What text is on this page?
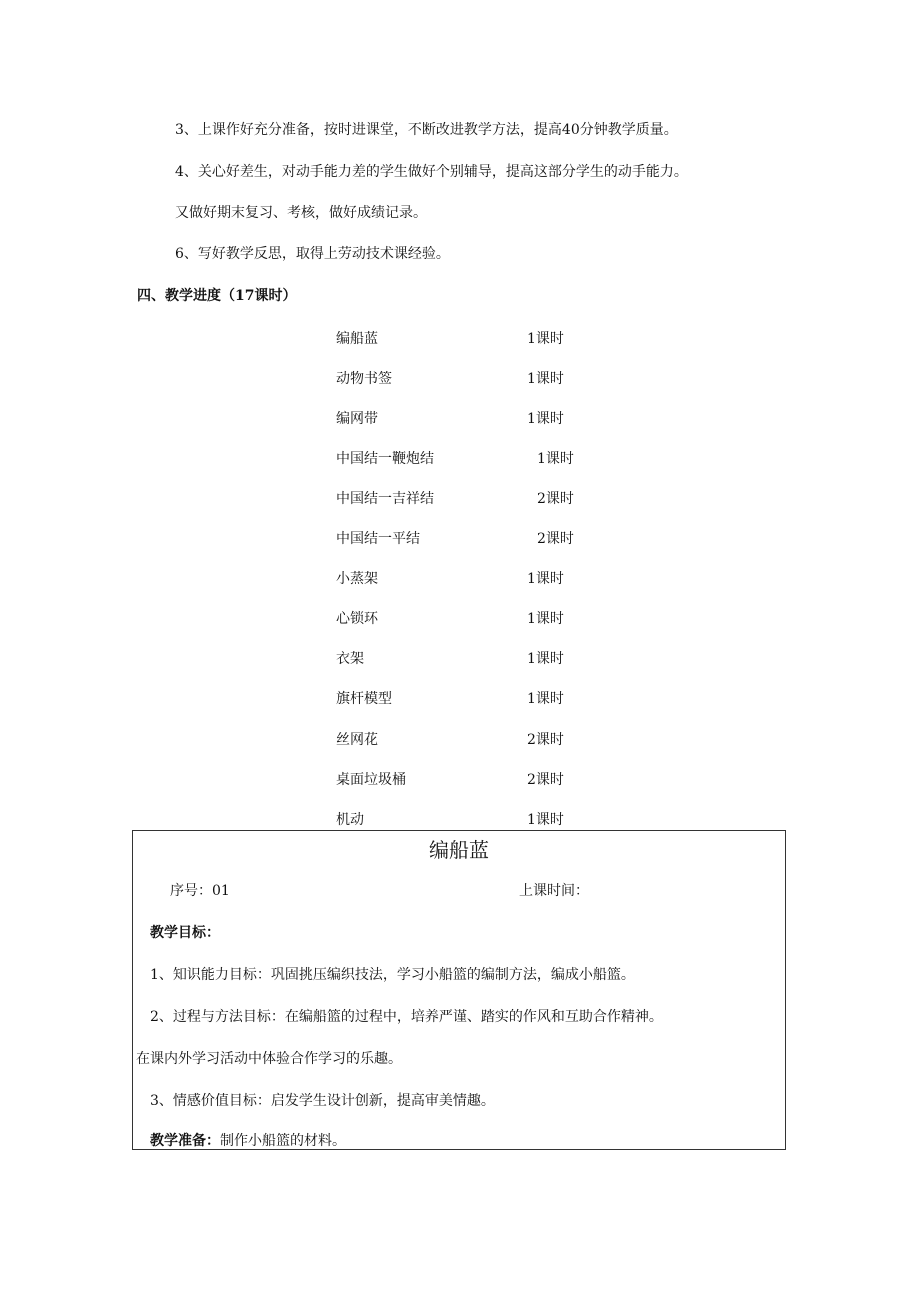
3、上课作好充分准备，按时进课堂，不断改进教学方法，提高40分钟教学质量。
4、关心好差生，对动手能力差的学生做好个别辅导，提高这部分学生的动手能力。
又做好期末复习、考核，做好成绩记录。
6、写好教学反思，取得上劳动技术课经验。
四、教学进度（17课时）
编船蓝	1课时
动物书签	1课时
编网带	1课时
中国结一鞭炮结	1课时
中国结一吉祥结	2课时
中国结一平结	2课时
小蒸架	1课时
心锁环	1课时
衣架	1课时
旗杆模型	1课时
丝网花	2课时
桌面垃圾桶	2课时
机动	1课时
编船蓝
序号：01	上课时间：
教学目标：
1、知识能力目标：巩固挑压编织技法，学习小船篮的编制方法，编成小船篮。
2、过程与方法目标：在编船篮的过程中，培养严谨、踏实的作风和互助合作精神。
在课内外学习活动中体验合作学习的乐趣。
3、情感价值目标：启发学生设计创新，提高审美情趣。
教学准备：制作小船篮的材料。
